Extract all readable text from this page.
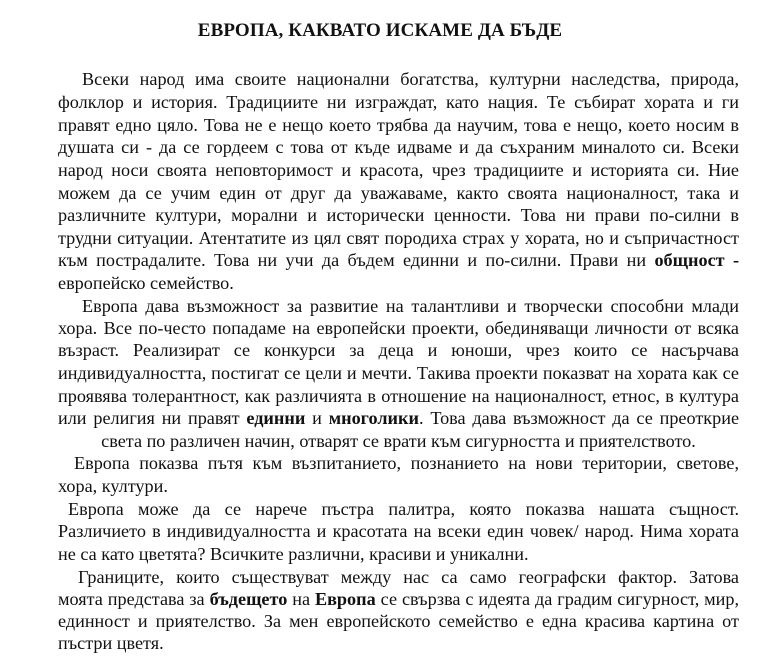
ЕВРОПА, КАКВАТО ИСКАМЕ ДА БЪДЕ
Всеки народ има своите национални богатства, културни наследства, природа,
фолклор и история. Традициите ни изграждат, като нация. Те събират хората и ги
правят едно цяло. Това не е нещо което трябва да научим, това е нещо, което носим в
душата си - да се гордеем с това от къде идваме и да съхраним миналото си. Всеки
народ носи своята неповторимост и красота, чрез традициите и историята си. Ние
можем да се учим един от друг да уважаваме, както своята националност, така и
различните култури, морални и исторически ценности. Това ни прави по-силни в
трудни ситуации. Атентатите из цял свят породиха страх у хората, но и съпричастност
към пострадалите. Това ни учи да бъдем единни и по-силни. Прави ни общност -
европейско семейство.
Европа дава възможност за развитие на талантливи и творчески способни млади
хора. Все по-често попадаме на европейски проекти, обединяващи личности от всяка
възраст. Реализират се конкурси за деца и юноши, чрез които се насърчава
индивидуалността, постигат се цели и мечти. Такива проекти показват на хората как се
проявява толерантност, как различията в отношение на националност, етнос, в култура
или религия ни правят единни и многолики. Това дава възможност да се преоткрие
света по различен начин, отварят се врати към сигурността и приятелството.
Европа показва пътя към възпитанието, познанието на нови територии, светове,
хора, култури.
Европа може да се нарече пъстра палитра, която показва нашата същност.
Различието в индивидуалността и красотата на всеки един човек/ народ. Нима хората
не са като цветята? Всичките различни, красиви и уникални.
Границите, които съществуват между нас са само географски фактор. Затова
моята представа за бъдещето на Европа се свързва с идеята да градим сигурност, мир,
единност и приятелство. За мен европейското семейство е една красива картина от
пъстри цветя.
